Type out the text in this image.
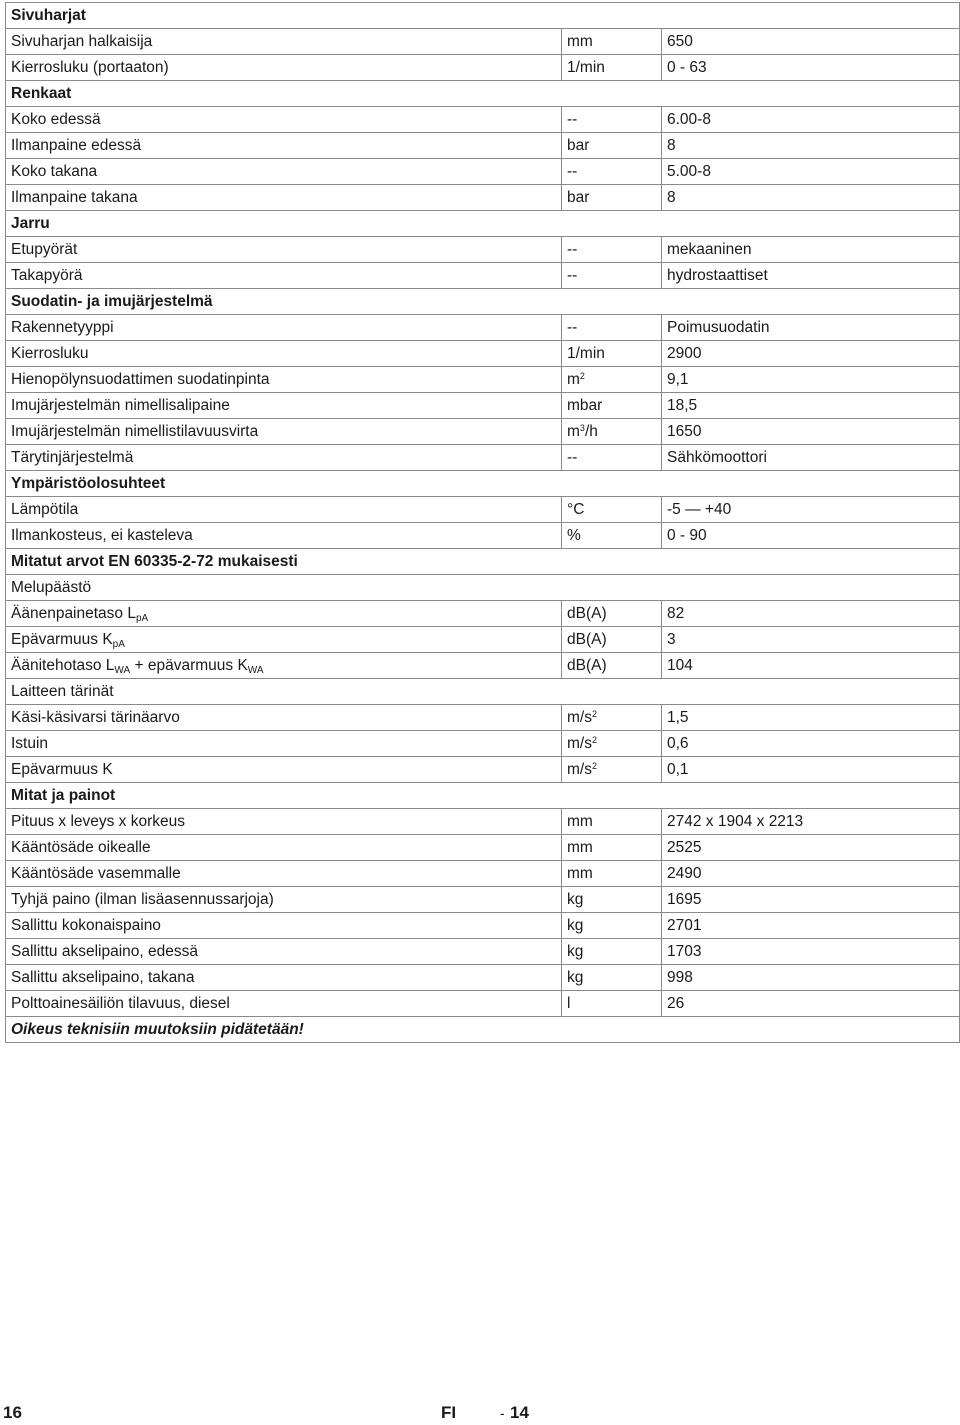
Sivuharjat		
Sivuharjan halkaisija	mm	650
Kierrosluku (portaaton)	1/min	0 - 63
Renkaat		
Koko edessä	--	6.00-8
Ilmanpaine edessä	bar	8
Koko takana	--	5.00-8
Ilmanpaine takana	bar	8
Jarru		
Etupyörät	--	mekaaninen
Takapyörä	--	hydrostaattiset
Suodatin- ja imujärjestelmä		
Rakennetyyppi	--	Poimusuodatin
Kierrosluku	1/min	2900
Hienopölynsuodattimen suodatinpinta	$m^2$	9,1
Imujärjestelmän nimellisalipaine	mbar	18,5
Imujärjestelmän nimellistilavuusvirta	$m^3/h$	1650
Tärytinjärjestelmä	--	Sähkömoottori
Ympäristöolosuhteet		
Lämpötila	°C	-5 — +40
Ilmankosteus, ei kasteleva	%	0 - 90
Mitatut arvot EN 60335-2-72 mukaisesti		
Melupäästö		
Äänenpainetaso $L_{pA}$	dB(A)	82
Epävarmuus $K_{pA}$	dB(A)	3
Äänitehotaso $L_{WA}$ + epävarmuus $K_{WA}$	dB(A)	104
Laitteen tärinät		
Käsi-käsivarsi tärinäarvo	$m/s^2$	1,5
Istuin	$m/s^2$	0,6
Epävarmuus K	$m/s^2$	0,1
Mitat ja painot		
Pituus x leveys x korkeus	mm	2742 x 1904 x 2213
Kääntösäde oikealle	mm	2525
Kääntösäde vasemmalle	mm	2490
Tyhjä paino (ilman lisäasennussarjoja)	kg	1695
Sallittu kokonaispaino	kg	2701
Sallittu akselipaino, edessä	kg	1703
Sallittu akselipaino, takana	kg	998
Polttoainesäiliön tilavuus, diesel	l	26
Oikeus teknisiin muutoksiin pidätetään!		
16	FI	- 14
